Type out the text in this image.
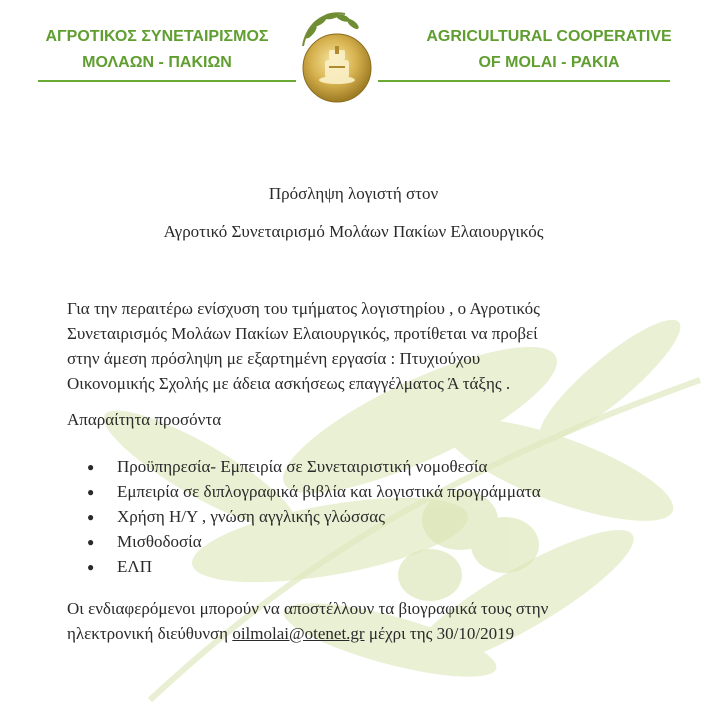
ΑΓΡΟΤΙΚΟΣ ΣΥΝΕΤΑΙΡΙΣΜΟΣ
ΜΟΛΑΩΝ - ΠΑΚΙΩΝ
AGRICULTURAL COOPERATIVE
OF MOLAI - PAKIA
Πρόσληψη λογιστή στον
Αγροτικό Συνεταιρισμό Μολάων Πακίων Ελαιουργικός
Για την περαιτέρω ενίσχυση του τμήματος λογιστηρίου , ο Αγροτικός
Συνεταιρισμός Μολάων Πακίων Ελαιουργικός, προτίθεται να προβεί
στην άμεση πρόσληψη με εξαρτημένη εργασία : Πτυχιούχου
Οικονομικής Σχολής με άδεια ασκήσεως επαγγέλματος Ά τάξης .
Απαραίτητα προσόντα
● Προϋπηρεσία- Εμπειρία σε Συνεταιριστική νομοθεσία
● Εμπειρία σε διπλογραφικά βιβλία και λογιστικά προγράμματα
● Χρήση Η/Υ , γνώση αγγλικής γλώσσας
● Μισθοδοσία
● ΕΛΠ
Οι ενδιαφερόμενοι μπορούν να αποστέλλουν τα βιογραφικά τους στην
ηλεκτρονική διεύθυνση oilmolai@otenet.gr μέχρι της 30/10/2019
